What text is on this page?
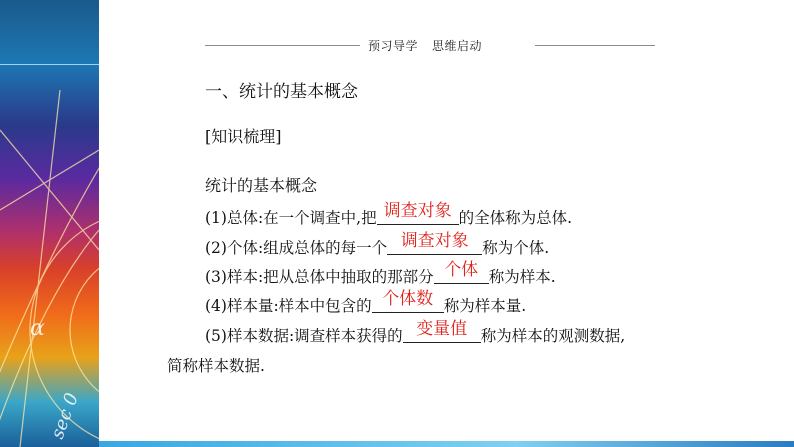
α
sec 0
预习导学 思维启动
一、统计的基本概念
[知识梳理]
统计的基本概念
(1)总体:在一个调查中,把 调查对象 的全体称为总体.
(2)个体:组成总体的每一个 调查对象 称为个体.
(3)样本:把从总体中抽取的那部分 个体 称为样本.
(4)样本量:样本中包含的 个体数 称为样本量.
(5)样本数据:调查样本获得的 变量值 称为样本的观测数据,
简称样本数据.
